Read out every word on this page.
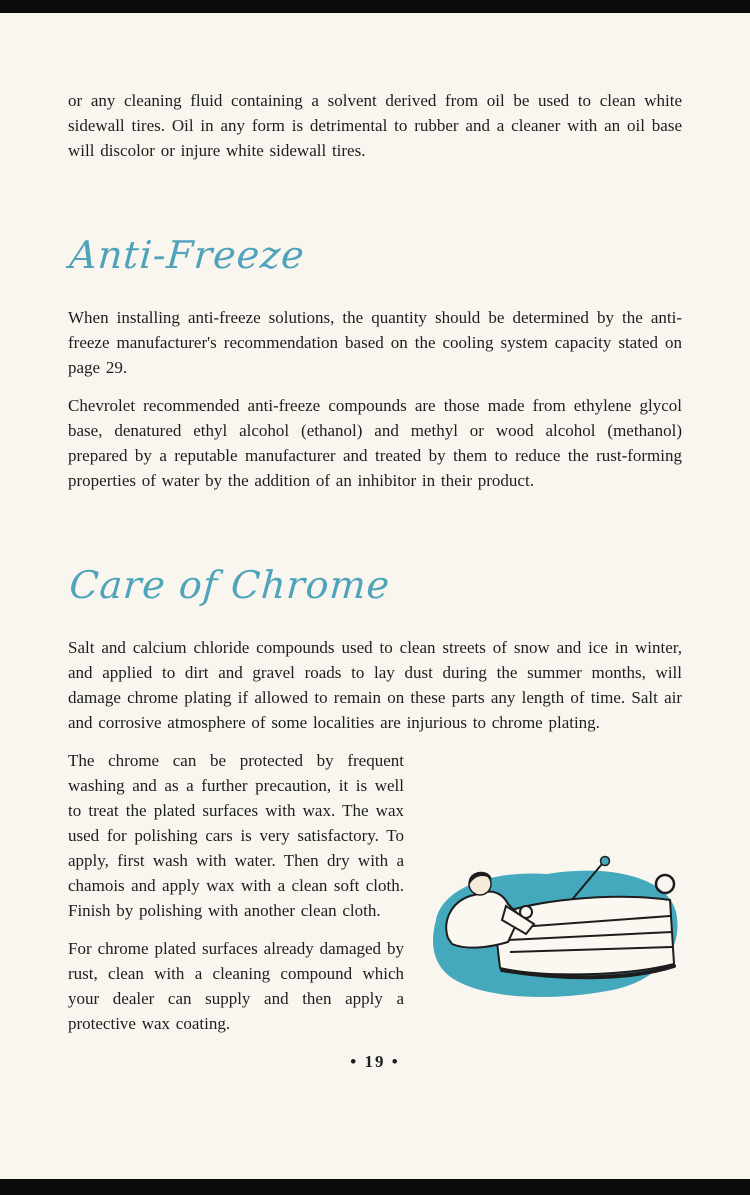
or any cleaning fluid containing a solvent derived from oil be used to clean white sidewall tires. Oil in any form is detrimental to rubber and a cleaner with an oil base will discolor or injure white sidewall tires.

Anti-Freeze

When installing anti-freeze solutions, the quantity should be determined by the anti-freeze manufacturer's recommendation based on the cooling system capacity stated on page 29.

Chevrolet recommended anti-freeze compounds are those made from ethylene glycol base, denatured ethyl alcohol (ethanol) and methyl or wood alcohol (methanol) prepared by a reputable manufacturer and treated by them to reduce the rust-forming properties of water by the addition of an inhibitor in their product.

Care of Chrome

Salt and calcium chloride compounds used to clean streets of snow and ice in winter, and applied to dirt and gravel roads to lay dust during the summer months, will damage chrome plating if allowed to remain on these parts any length of time. Salt air and corrosive atmosphere of some localities are injurious to chrome plating.

The chrome can be protected by frequent washing and as a further precaution, it is well to treat the plated surfaces with wax. The wax used for polishing cars is very satisfactory. To apply, first wash with water. Then dry with a chamois and apply wax with a clean soft cloth. Finish by polishing with another clean cloth.

For chrome plated surfaces already damaged by rust, clean with a cleaning compound which your dealer can supply and then apply a protective wax coating.

• 19 •
